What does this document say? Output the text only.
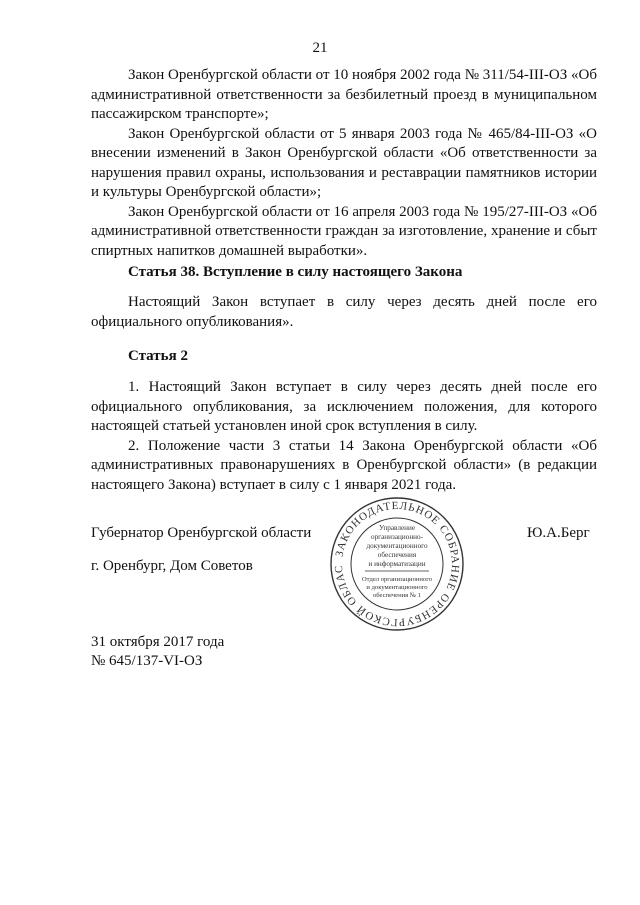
21
Закон Оренбургской области от 10 ноября 2002 года № 311/54-III-ОЗ «Об административной ответственности за безбилетный проезд в муниципальном пассажирском транспорте»;
Закон Оренбургской области от 5 января 2003 года № 465/84-III-ОЗ «О внесении изменений в Закон Оренбургской области «Об ответственности за нарушения правил охраны, использования и реставрации памятников истории и культуры Оренбургской области»;
Закон Оренбургской области от 16 апреля 2003 года № 195/27-III-ОЗ «Об административной ответственности граждан за изготовление, хранение и сбыт спиртных напитков домашней выработки».
Статья 38. Вступление в силу настоящего Закона
Настоящий Закон вступает в силу через десять дней после его официального опубликования».
Статья 2
1. Настоящий Закон вступает в силу через десять дней после его официального опубликования, за исключением положения, для которого настоящей статьей установлен иной срок вступления в силу.
2. Положение части 3 статьи 14 Закона Оренбургской области «Об административных правонарушениях в Оренбургской области» (в редакции настоящего Закона) вступает в силу с 1 января 2021 года.
Губернатор Оренбургской области	Ю.А.Берг
г. Оренбург, Дом Советов
31 октября 2017 года
№ 645/137-VI-ОЗ
ЗАКОНОДАТЕЛЬНОЕ СОБРАНИЕ ОРЕНБУРГСКОЙ ОБЛАС
Управление
организационно-
документационного
обеспечения
и информатизации
Отдел организационного
и документационного
обеспечения № 1
